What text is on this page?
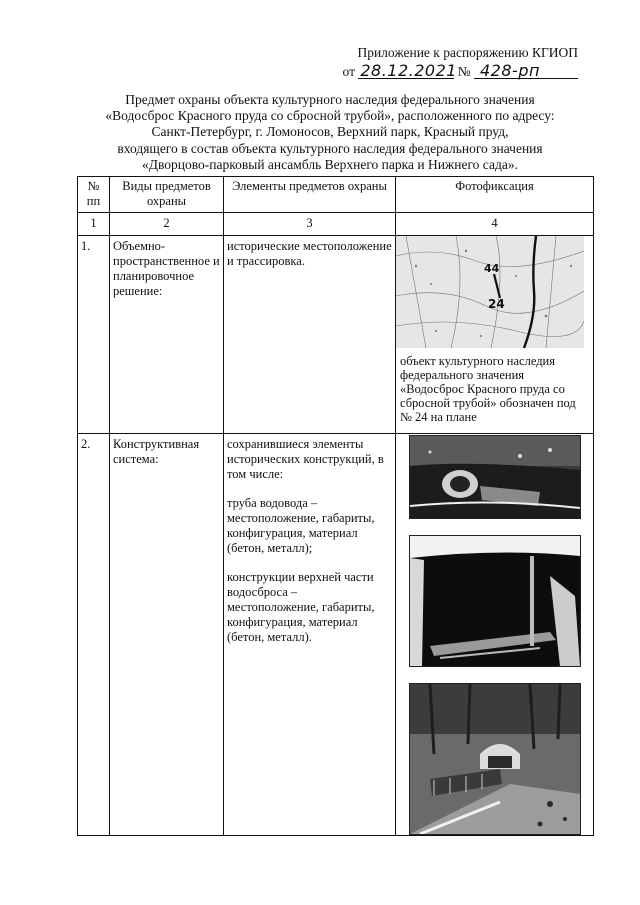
Приложение к распоряжению КГИОП
от 28.12.2021 № 428-рп
Предмет охраны объекта культурного наследия федерального значения
«Водосброс Красного пруда со сбросной трубой», расположенного по адресу:
Санкт-Петербург, г. Ломоносов, Верхний парк, Красный пруд,
входящего в состав объекта культурного наследия федерального значения
«Дворцово-парковый ансамбль Верхнего парка и Нижнего сада».
№ пп	Виды предметов охраны	Элементы предметов охраны	Фотофиксация
1	2	3	4
1.	Объемно-пространственное и планировочное решение:	исторические местоположение и трассировка.	44
24
объект культурного наследия федерального значения «Водосброс Красного пруда со сбросной трубой» обозначен под № 24 на плане

2.	Конструктивная система:	сохранившиеся элементы исторических конструкций, в том числе:
труба водовода – местоположение, габариты, конфигурация, материал (бетон, металл);
конструкции верхней части водосброса – местоположение, габариты, конфигурация, материал (бетон, металл).
